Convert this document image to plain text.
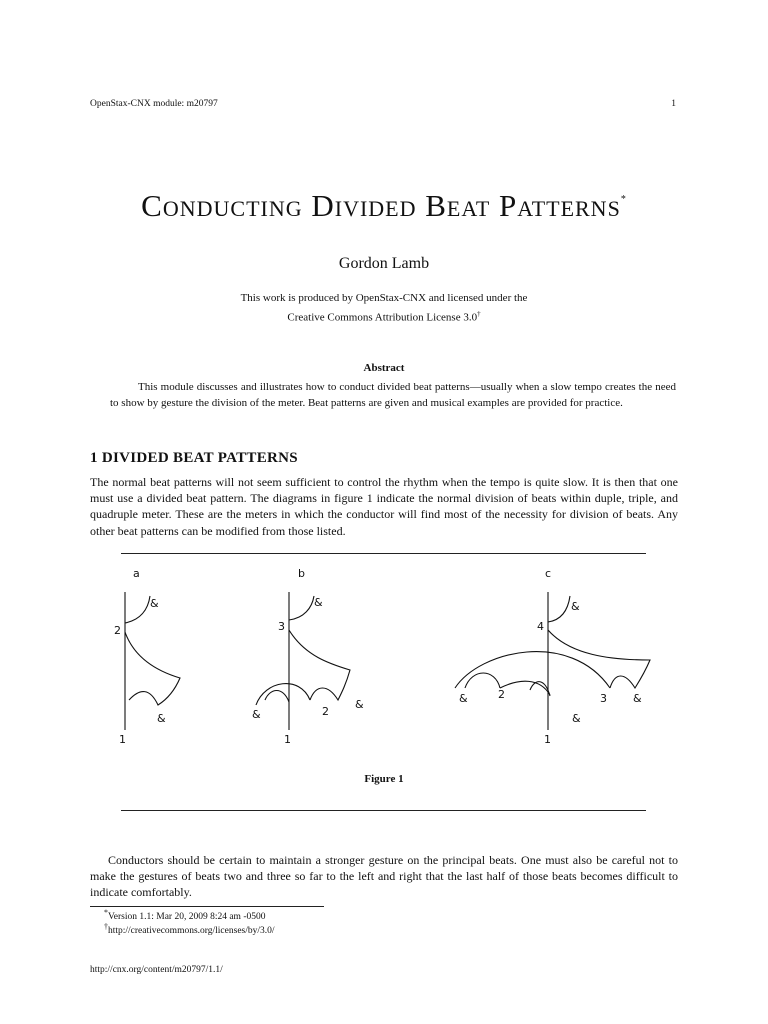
OpenStax-CNX module: m20797	1
Conducting Divided Beat Patterns*
Gordon Lamb
This work is produced by OpenStax-CNX and licensed under the
Creative Commons Attribution License 3.0†
Abstract
This module discusses and illustrates how to conduct divided beat patterns—usually when a slow tempo creates the need to show by gesture the division of the meter. Beat patterns are given and musical examples are provided for practice.
1 DIVIDED BEAT PATTERNS
The normal beat patterns will not seem sufficient to control the rhythm when the tempo is quite slow. It is then that one must use a divided beat pattern. The diagrams in figure 1 indicate the normal division of beats within duple, triple, and quadruple meter. These are the meters in which the conductor will find most of the necessity for division of beats. Any other beat patterns can be modified from those listed.
a
2
&
&
1
b
3
&
&	2
&
1
c
4
&
&	2	3 &
&
1
Figure 1
Conductors should be certain to maintain a stronger gesture on the principal beats. One must also be careful not to make the gestures of beats two and three so far to the left and right that the last half of those beats becomes difficult to indicate comfortably.
*Version 1.1: Mar 20, 2009 8:24 am -0500
†http://creativecommons.org/licenses/by/3.0/
http://cnx.org/content/m20797/1.1/
